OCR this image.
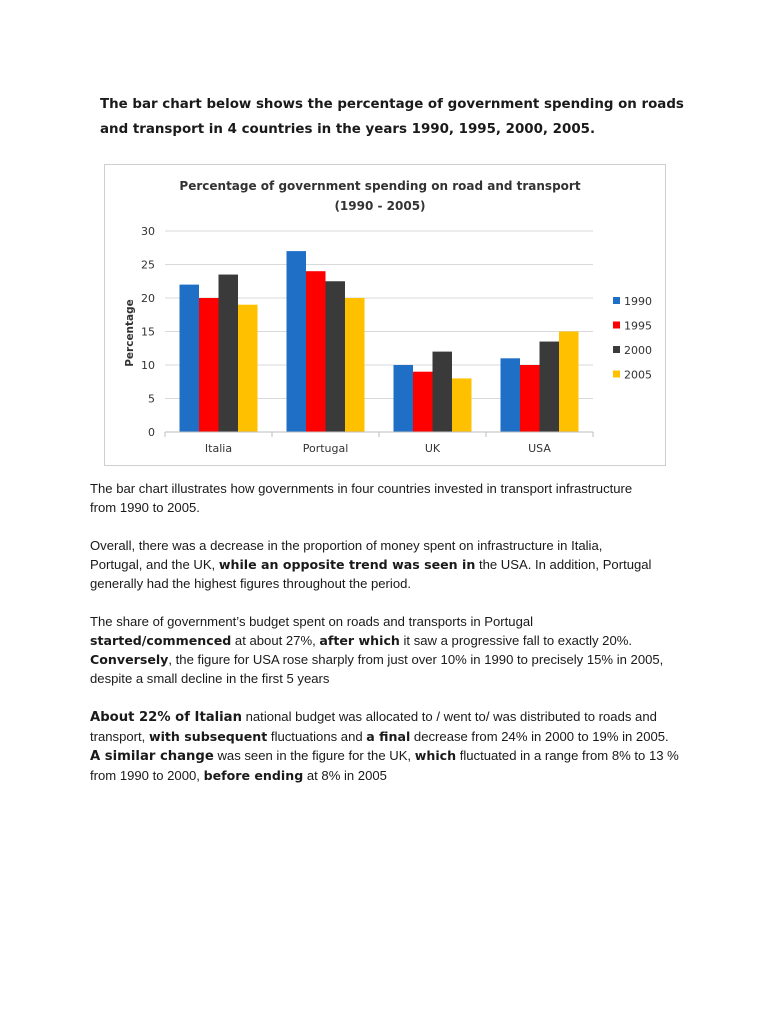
The bar chart below shows the percentage of government spending on roads
and transport in 4 countries in the years 1990, 1995, 2000, 2005.
Percentage of government spending on road and transport
(1990 - 2005)
Percentage
0
5
10
15
20
25
30
Italia	Portugal	UK	USA
1990
1995
2000
2005

The bar chart illustrates how governments in four countries invested in transport infrastructure
from 1990 to 2005.

Overall, there was a decrease in the proportion of money spent on infrastructure in Italia,
Portugal, and the UK, while an opposite trend was seen in the USA. In addition, Portugal
generally had the highest figures throughout the period.

The share of government’s budget spent on roads and transports in Portugal
started/commenced at about 27%, after which it saw a progressive fall to exactly 20%.
Conversely, the figure for USA rose sharply from just over 10% in 1990 to precisely 15% in 2005,
despite a small decline in the first 5 years

About 22% of Italian national budget was allocated to / went to/ was distributed to roads and
transport, with subsequent fluctuations and a final decrease from 24% in 2000 to 19% in 2005.
A similar change was seen in the figure for the UK, which fluctuated in a range from 8% to 13 %
from 1990 to 2000, before ending at 8% in 2005
